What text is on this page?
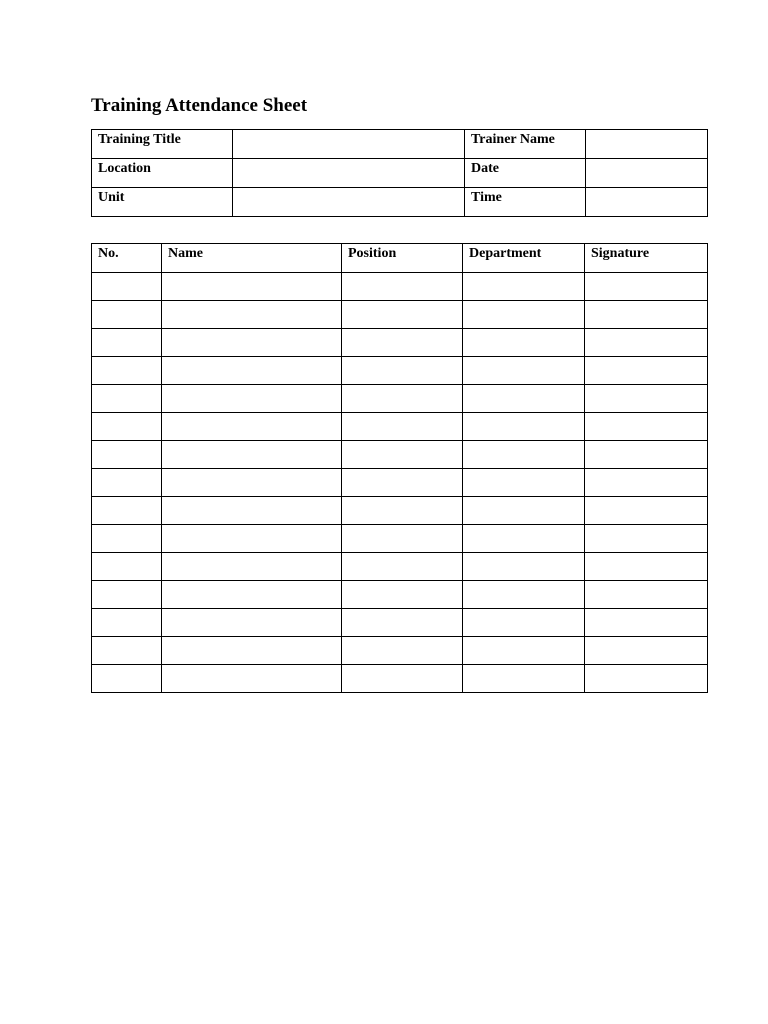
Training Attendance Sheet
Training Title		Trainer Name	
Location		Date	
Unit		Time	
No.	Name	Position	Department	Signature
